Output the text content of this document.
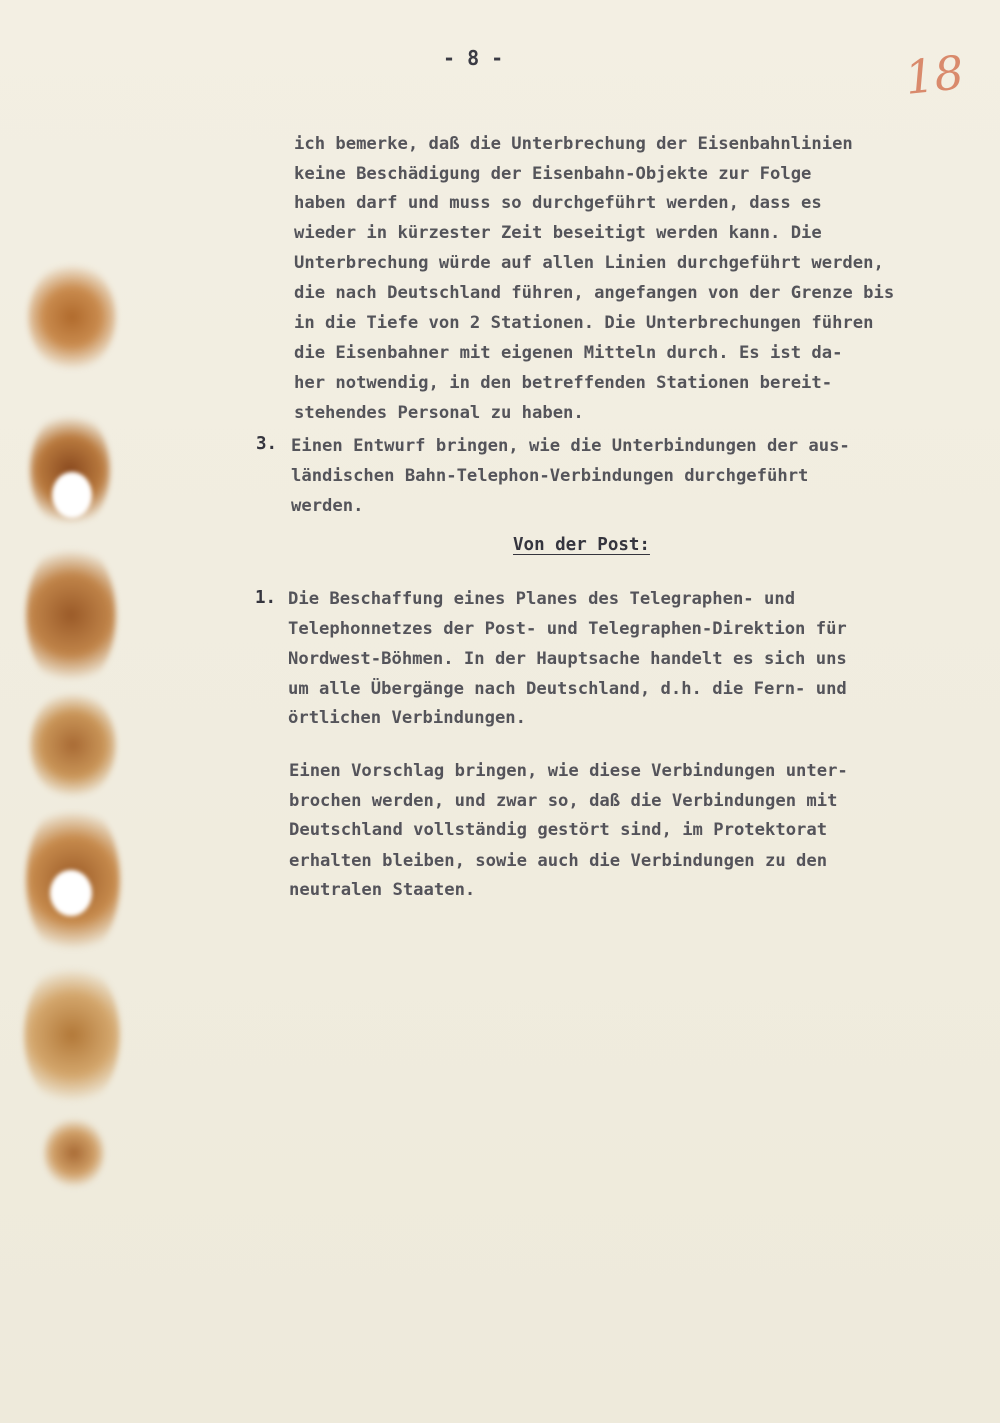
- 8 -	18
ich bemerke, daß die Unterbrechung der Eisenbahnlinien
keine Beschädigung der Eisenbahn-Objekte zur Folge
haben darf und muss so durchgeführt werden, dass es
wieder in kürzester Zeit beseitigt werden kann. Die
Unterbrechung würde auf allen Linien durchgeführt werden,
die nach Deutschland führen, angefangen von der Grenze bis
in die Tiefe von 2 Stationen. Die Unterbrechungen führen
die Eisenbahner mit eigenen Mitteln durch. Es ist da-
her notwendig, in den betreffenden Stationen bereit-
stehendes Personal zu haben.
3. Einen Entwurf bringen, wie die Unterbindungen der aus-
ländischen Bahn-Telephon-Verbindungen durchgeführt
werden.
Von der Post:
1. Die Beschaffung eines Planes des Telegraphen- und
Telephonnetzes der Post- und Telegraphen-Direktion für
Nordwest-Böhmen. In der Hauptsache handelt es sich uns
um alle Übergänge nach Deutschland, d.h. die Fern- und
örtlichen Verbindungen.
Einen Vorschlag bringen, wie diese Verbindungen unter-
brochen werden, und zwar so, daß die Verbindungen mit
Deutschland vollständig gestört sind, im Protektorat
erhalten bleiben, sowie auch die Verbindungen zu den
neutralen Staaten.
